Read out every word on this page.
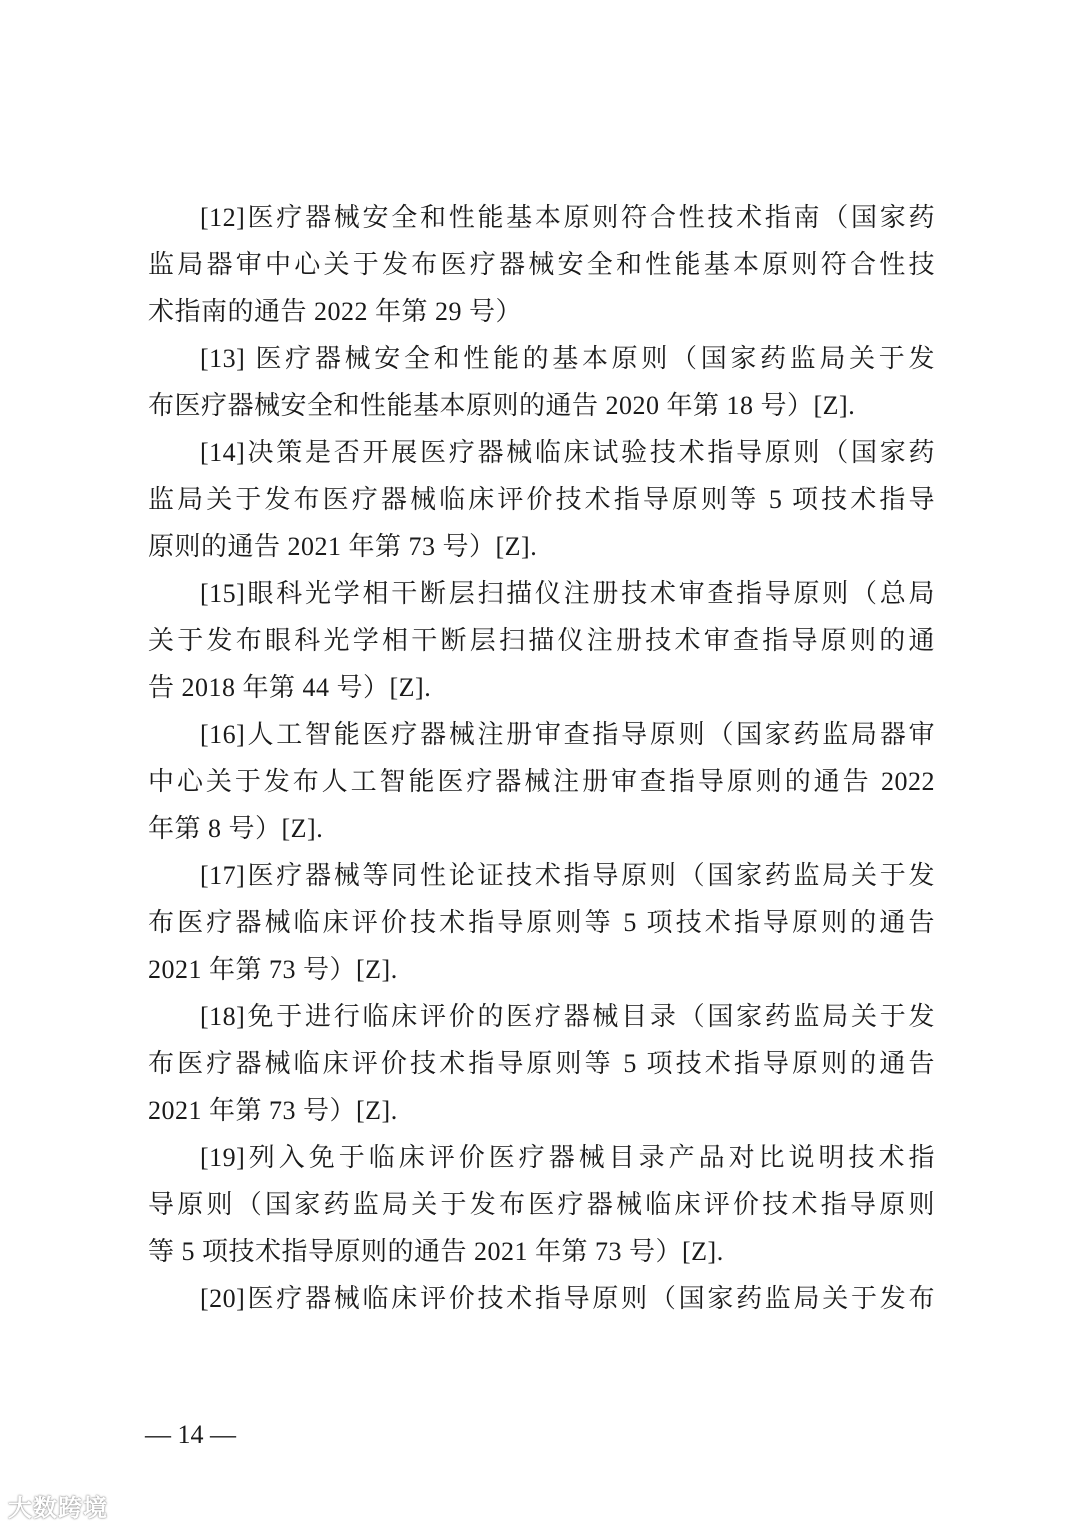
[12]医疗器械安全和性能基本原则符合性技术指南（国家药
监局器审中心关于发布医疗器械安全和性能基本原则符合性技
术指南的通告 2022 年第 29 号）
[13] 医疗器械安全和性能的基本原则（国家药监局关于发
布医疗器械安全和性能基本原则的通告 2020 年第 18 号）[Z].
[14]决策是否开展医疗器械临床试验技术指导原则（国家药
监局关于发布医疗器械临床评价技术指导原则等 5 项技术指导
原则的通告 2021 年第 73 号）[Z].
[15]眼科光学相干断层扫描仪注册技术审查指导原则（总局
关于发布眼科光学相干断层扫描仪注册技术审查指导原则的通
告 2018 年第 44 号）[Z].
[16]人工智能医疗器械注册审查指导原则（国家药监局器审
中心关于发布人工智能医疗器械注册审查指导原则的通告 2022
年第 8 号）[Z].
[17]医疗器械等同性论证技术指导原则（国家药监局关于发
布医疗器械临床评价技术指导原则等 5 项技术指导原则的通告
2021 年第 73 号）[Z].
[18]免于进行临床评价的医疗器械目录（国家药监局关于发
布医疗器械临床评价技术指导原则等 5 项技术指导原则的通告
2021 年第 73 号）[Z].
[19]列入免于临床评价医疗器械目录产品对比说明技术指
导原则（国家药监局关于发布医疗器械临床评价技术指导原则
等 5 项技术指导原则的通告 2021 年第 73 号）[Z].
[20]医疗器械临床评价技术指导原则（国家药监局关于发布
— 14 —
大数跨境
